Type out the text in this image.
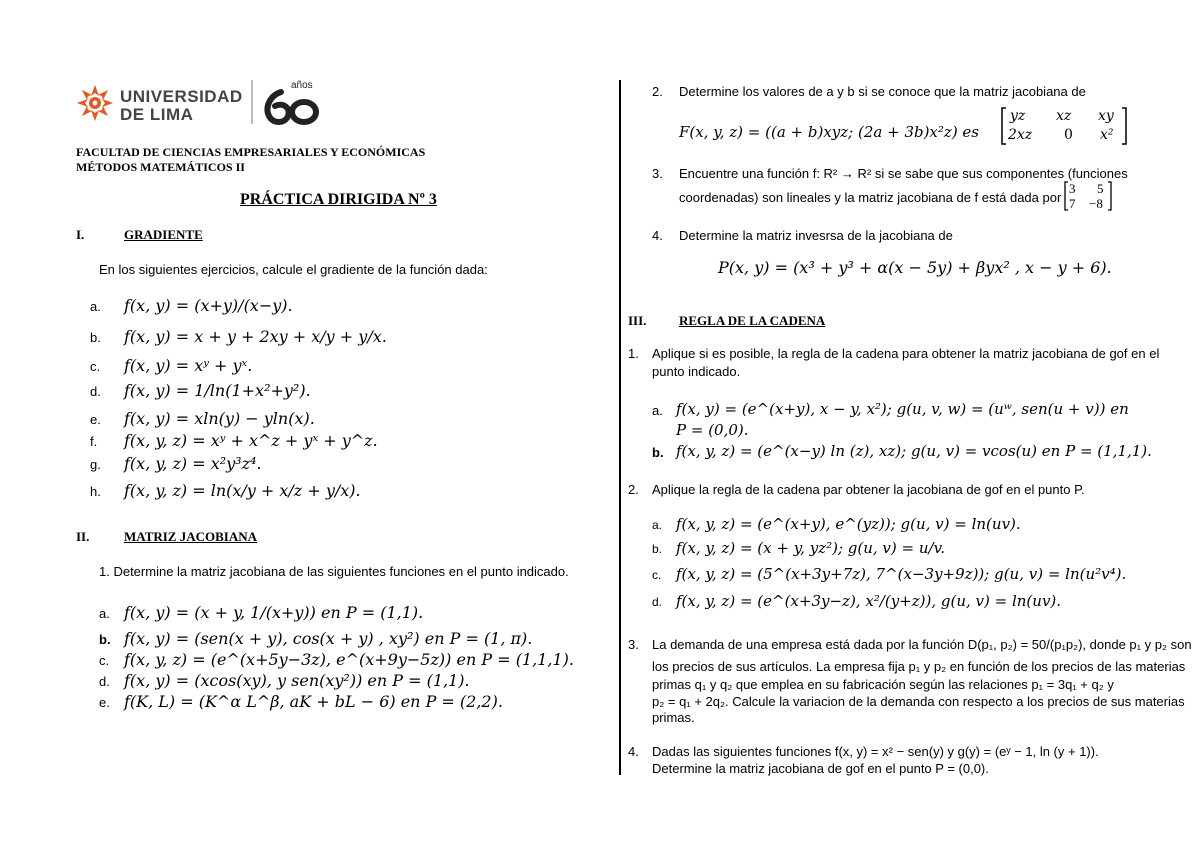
UNIVERSIDAD
DE LIMA
años
FACULTAD DE CIENCIAS EMPRESARIALES Y ECONÓMICAS
MÉTODOS MATEMÁTICOS II
PRÁCTICA DIRIGIDA Nº 3
I.	GRADIENTE
En los siguientes ejercicios, calcule el gradiente de la función dada:
a. f(x, y) = (x+y)/(x−y).
b. f(x, y) = x + y + 2xy + x/y + y/x.
c. f(x, y) = xʸ + yˣ.
d. f(x, y) = 1/ln(1+x²+y²).
e. f(x, y) = xln(y) − yln(x).
f. f(x, y, z) = xʸ + x^z + yˣ + y^z.
g. f(x, y, z) = x²y³z⁴.
h. f(x, y, z) = ln(x/y + x/z + y/x).
II.	MATRIZ JACOBIANA
1. Determine la matriz jacobiana de las siguientes funciones en el punto indicado.
a. f(x, y) = (x + y, 1/(x+y)) en P = (1,1).
b. f(x, y) = (sen(x + y), cos(x + y) , xy²) en P = (1, π).
c. f(x, y, z) = (e^(x+5y−3z), e^(x+9y−5z)) en P = (1,1,1).
d. f(x, y) = (xcos(xy), y sen(xy²)) en P = (1,1).
e. f(K, L) = (K^α L^β, aK + bL − 6) en P = (2,2).
2. Determine los valores de a y b si se conoce que la matriz jacobiana de
F(x, y, z) = ((a + b)xyz; (2a + 3b)x²z) es
yz xz xy
2xz 0 x²
3. Encuentre una función f: R² → R² si se sabe que sus componentes (funciones
coordenadas) son lineales y la matriz jacobiana de f está dada por
3 5
7 −8
4. Determine la matriz invesrsa de la jacobiana de
P(x, y) = (x³ + y³ + α(x − 5y) + βyx² , x − y + 6).
III.	REGLA DE LA CADENA
1. Aplique si es posible, la regla de la cadena para obtener la matriz jacobiana de gof en el
punto indicado.
a. f(x, y) = (e^(x+y), x − y, x²); g(u, v, w) = (uʷ, sen(u + v)) en
P = (0,0).
b. f(x, y, z) = (e^(x−y) ln (z), xz); g(u, v) = vcos(u) en P = (1,1,1).
2. Aplique la regla de la cadena par obtener la jacobiana de gof en el punto P.
a. f(x, y, z) = (e^(x+y), e^(yz)); g(u, v) = ln(uv).
b. f(x, y, z) = (x + y, yz²); g(u, v) = u/v.
c. f(x, y, z) = (5^(x+3y+7z), 7^(x−3y+9z)); g(u, v) = ln(u²v⁴).
d. f(x, y, z) = (e^(x+3y−z), x²/(y+z)), g(u, v) = ln(uv).
3. La demanda de una empresa está dada por la función D(p₁, p₂) = 50/(p₁p₂), donde p₁ y p₂ son
los precios de sus artículos. La empresa fija p₁ y p₂ en función de los precios de las materias
primas q₁ y q₂ que emplea en su fabricación según las relaciones p₁ = 3q₁ + q₂ y
p₂ = q₁ + 2q₂. Calcule la variacion de la demanda con respecto a los precios de sus materias
primas.
4. Dadas las siguientes funciones f(x, y) = x² − sen(y) y g(y) = (eʸ − 1, ln (y + 1)).
Determine la matriz jacobiana de gof en el punto P = (0,0).
